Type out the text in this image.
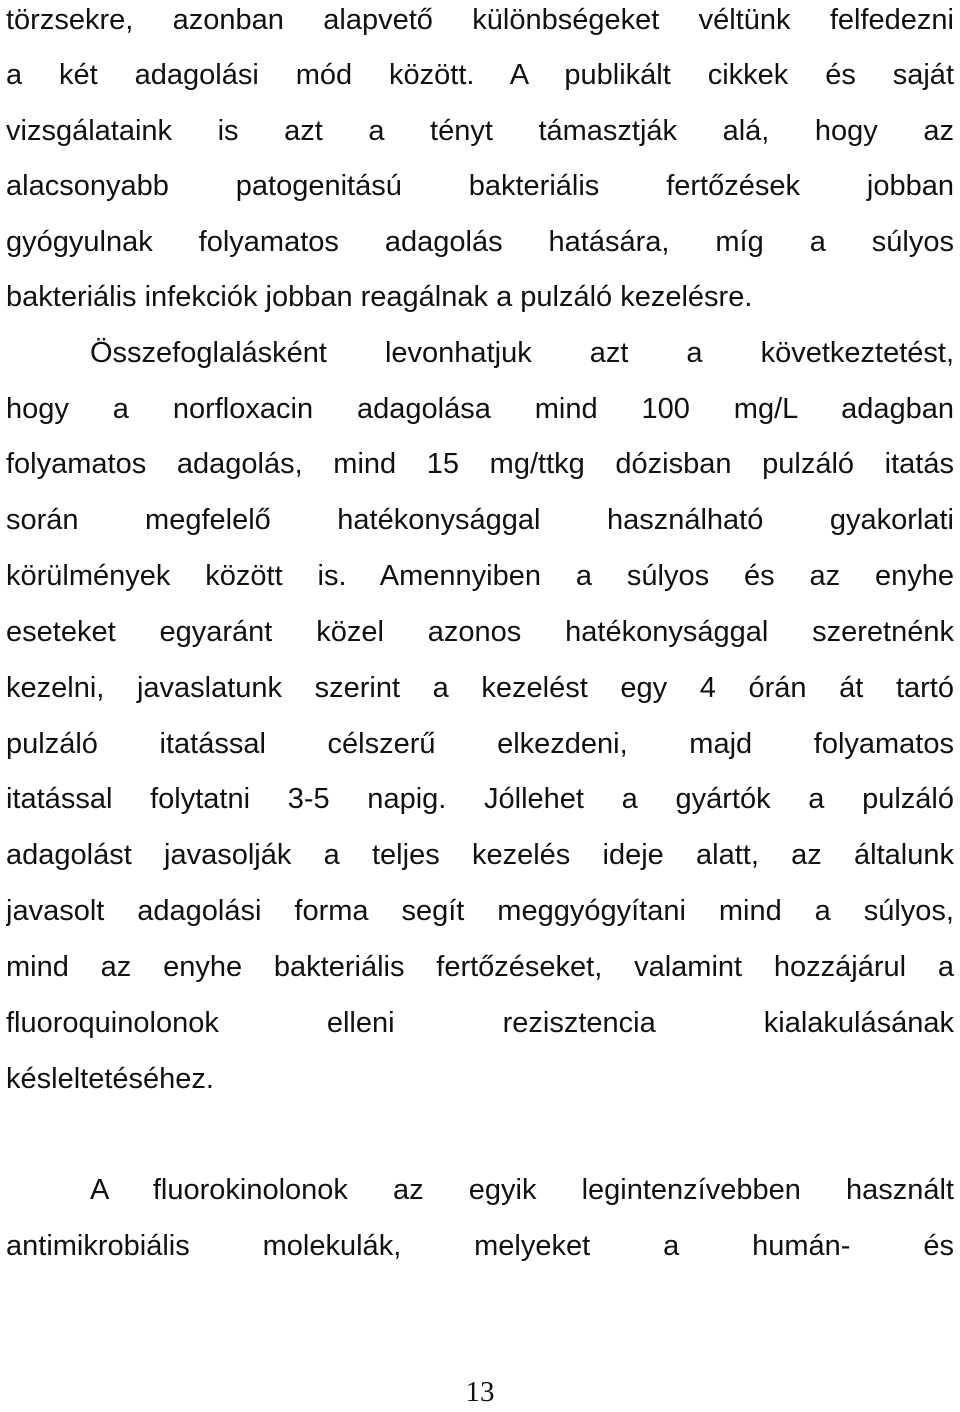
törzsekre, azonban alapvető különbségeket véltünk felfedezni
a két adagolási mód között. A publikált cikkek és saját
vizsgálataink is azt a tényt támasztják alá, hogy az
alacsonyabb patogenitású bakteriális fertőzések jobban
gyógyulnak folyamatos adagolás hatására, míg a súlyos
bakteriális infekciók jobban reagálnak a pulzáló kezelésre.
Összefoglalásként levonhatjuk azt a következtetést,
hogy a norfloxacin adagolása mind 100 mg/L adagban
folyamatos adagolás, mind 15 mg/ttkg dózisban pulzáló itatás
során megfelelő hatékonysággal használható gyakorlati
körülmények között is. Amennyiben a súlyos és az enyhe
eseteket egyaránt közel azonos hatékonysággal szeretnénk
kezelni, javaslatunk szerint a kezelést egy 4 órán át tartó
pulzáló itatással célszerű elkezdeni, majd folyamatos
itatással folytatni 3-5 napig. Jóllehet a gyártók a pulzáló
adagolást javasolják a teljes kezelés ideje alatt, az általunk
javasolt adagolási forma segít meggyógyítani mind a súlyos,
mind az enyhe bakteriális fertőzéseket, valamint hozzájárul a
fluoroquinolonok elleni rezisztencia kialakulásának
késleltetéséhez.
A fluorokinolonok az egyik legintenzívebben használt
antimikrobiális molekulák, melyeket a humán- és
13
